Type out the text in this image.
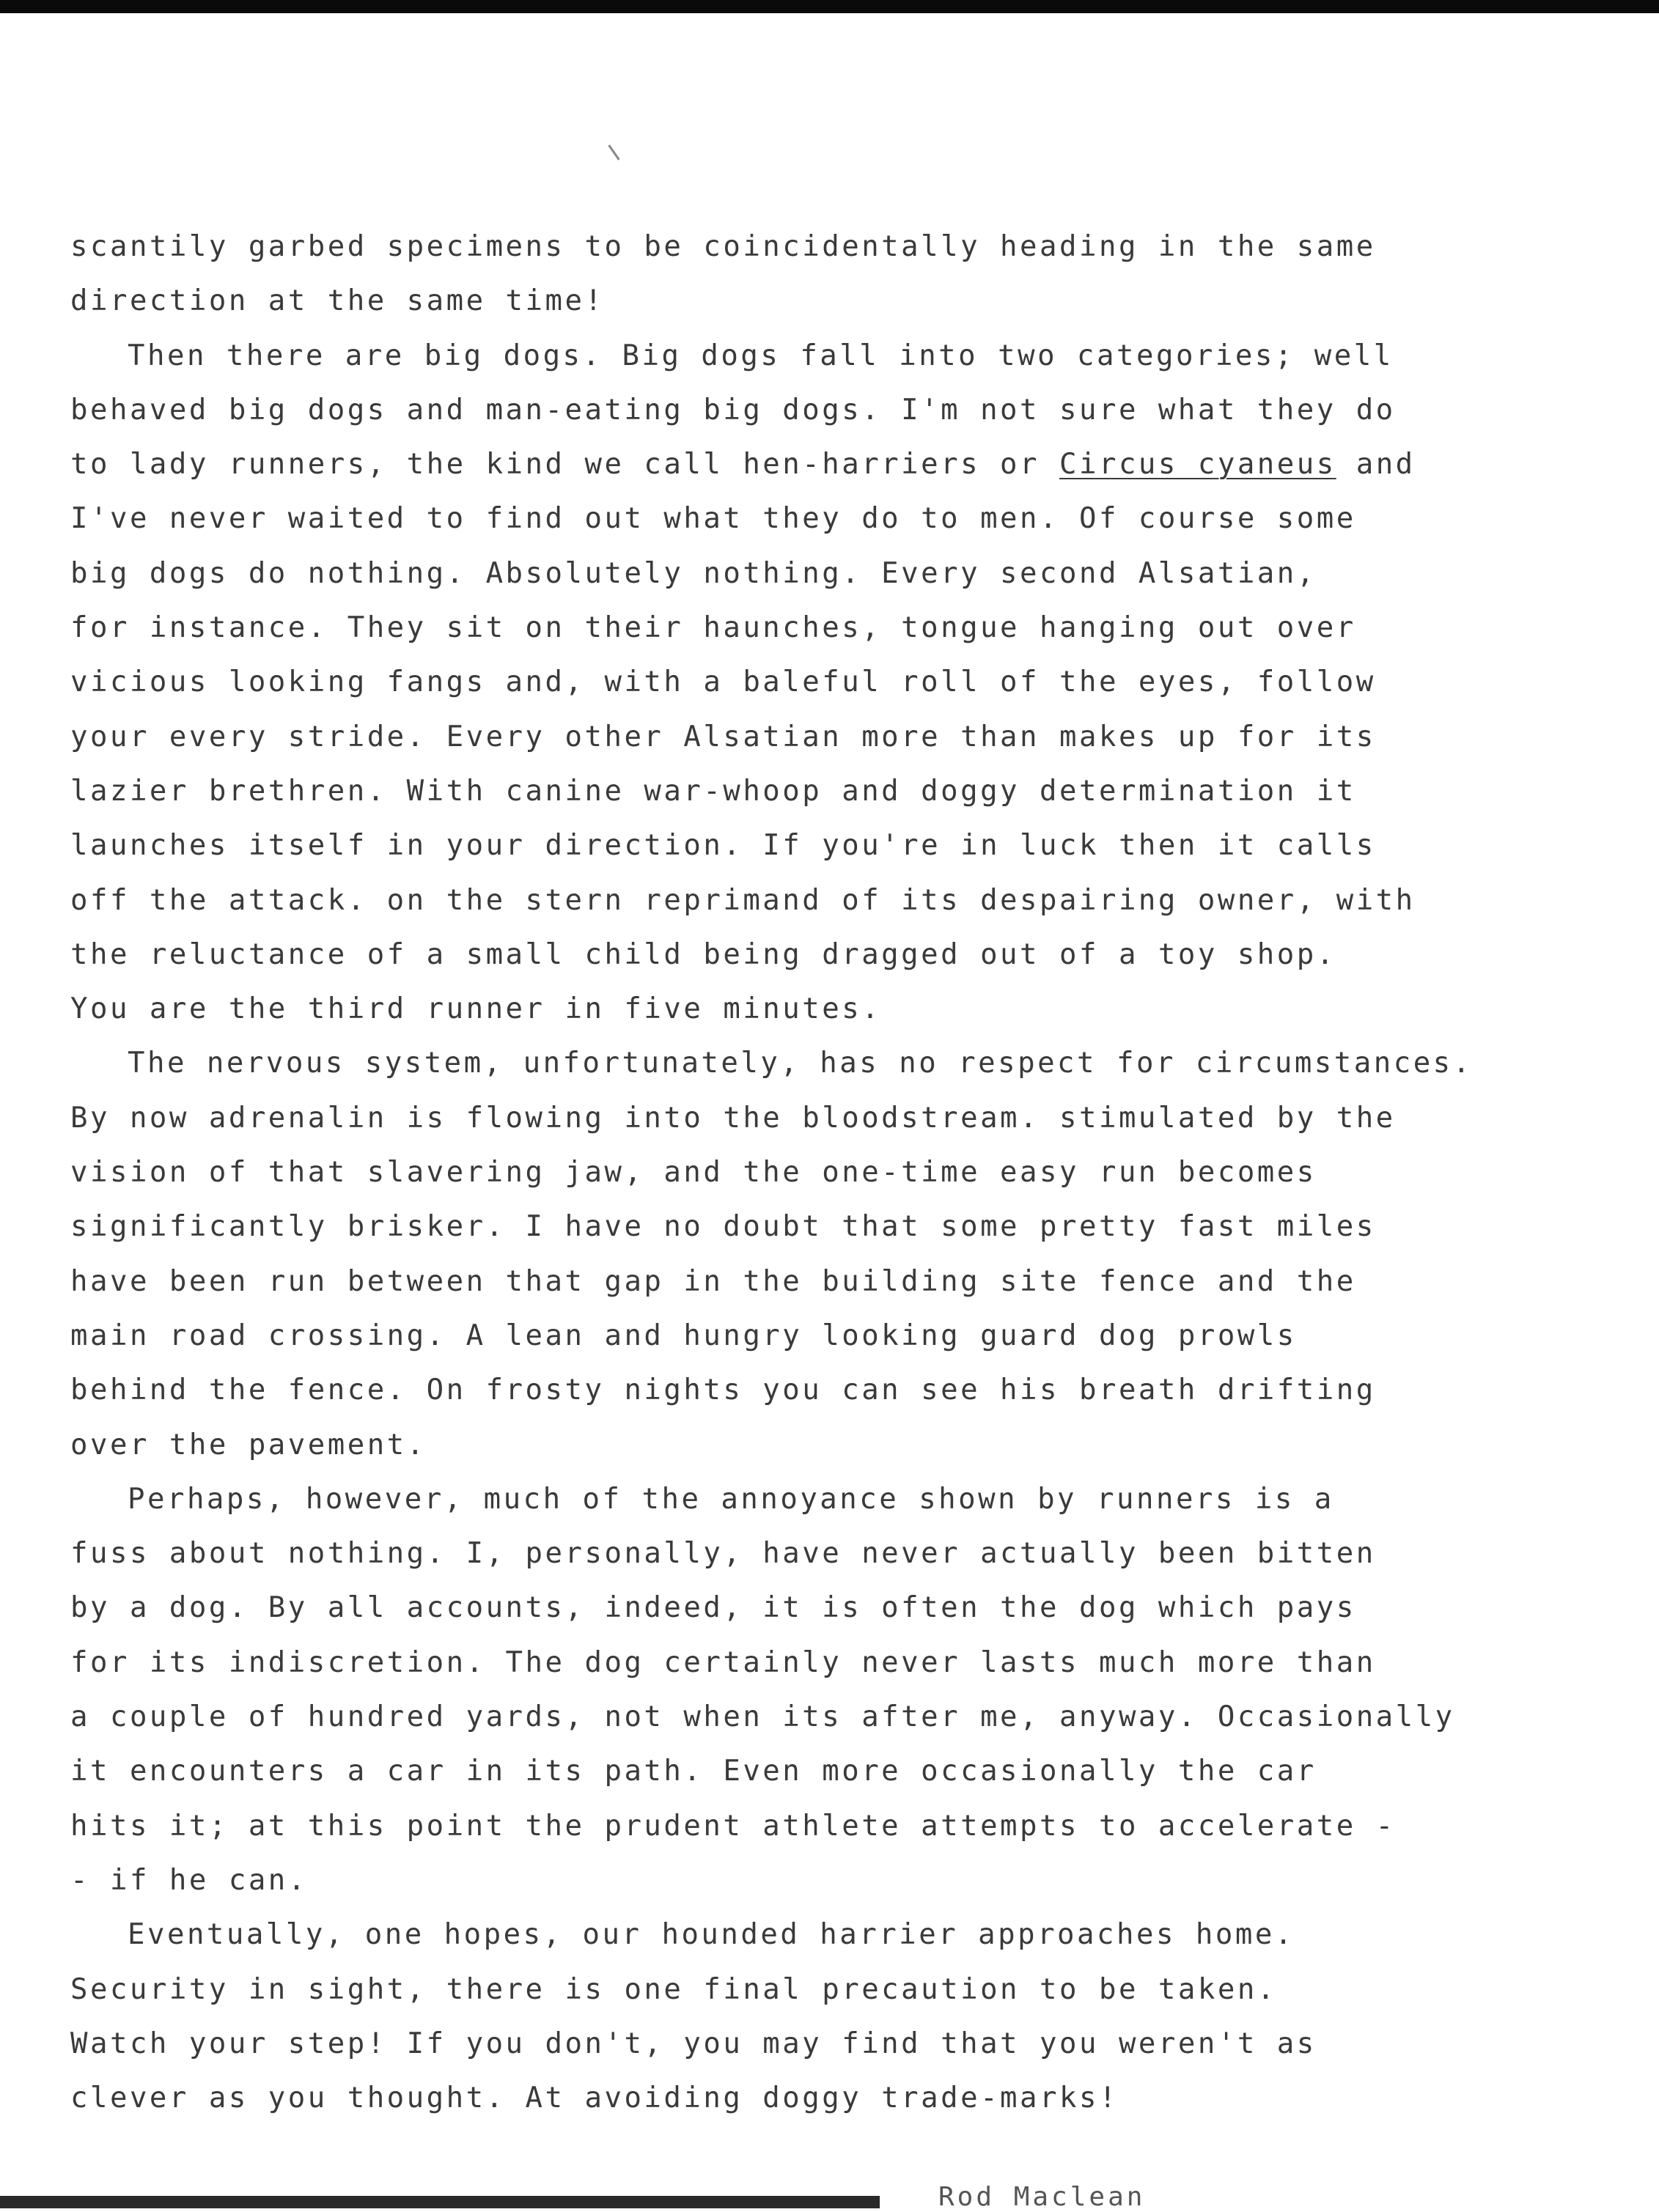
scantily garbed specimens to be coincidentally heading in the same
direction at the same time!
Then there are big dogs. Big dogs fall into two categories; well
behaved big dogs and man-eating big dogs. I'm not sure what they do
to lady runners, the kind we call hen-harriers or Circus cyaneus and
I've never waited to find out what they do to men. Of course some
big dogs do nothing. Absolutely nothing. Every second Alsatian,
for instance. They sit on their haunches, tongue hanging out over
vicious looking fangs and, with a baleful roll of the eyes, follow
your every stride. Every other Alsatian more than makes up for its
lazier brethren. With canine war-whoop and doggy determination it
launches itself in your direction. If you're in luck then it calls
off the attack. on the stern reprimand of its despairing owner, with
the reluctance of a small child being dragged out of a toy shop.
You are the third runner in five minutes.
The nervous system, unfortunately, has no respect for circumstances.
By now adrenalin is flowing into the bloodstream. stimulated by the
vision of that slavering jaw, and the one-time easy run becomes
significantly brisker. I have no doubt that some pretty fast miles
have been run between that gap in the building site fence and the
main road crossing. A lean and hungry looking guard dog prowls
behind the fence. On frosty nights you can see his breath drifting
over the pavement.
Perhaps, however, much of the annoyance shown by runners is a
fuss about nothing. I, personally, have never actually been bitten
by a dog. By all accounts, indeed, it is often the dog which pays
for its indiscretion. The dog certainly never lasts much more than
a couple of hundred yards, not when its after me, anyway. Occasionally
it encounters a car in its path. Even more occasionally the car
hits it; at this point the prudent athlete attempts to accelerate -
- if he can.
Eventually, one hopes, our hounded harrier approaches home.
Security in sight, there is one final precaution to be taken.
Watch your step! If you don't, you may find that you weren't as
clever as you thought. At avoiding doggy trade-marks!
Rod Maclean
